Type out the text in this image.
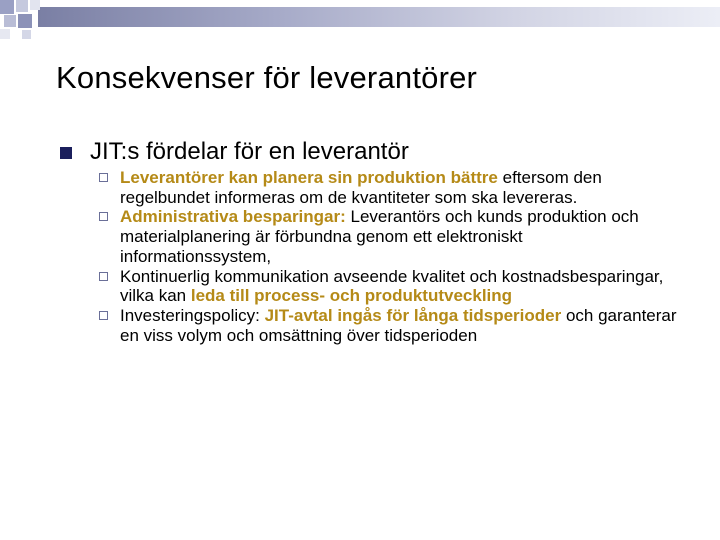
Konsekvenser för leverantörer
JIT:s fördelar för en leverantör
Leverantörer kan planera sin produktion bättre eftersom den regelbundet informeras om de kvantiteter som ska levereras.
Administrativa besparingar: Leverantörs och kunds produktion och materialplanering är förbundna genom ett elektroniskt informationssystem,
Kontinuerlig kommunikation avseende kvalitet och kostnadsbesparingar, vilka kan leda till process- och produktutveckling
Investeringspolicy: JIT-avtal ingås för långa tidsperioder och garanterar en viss volym och omsättning över tidsperioden
